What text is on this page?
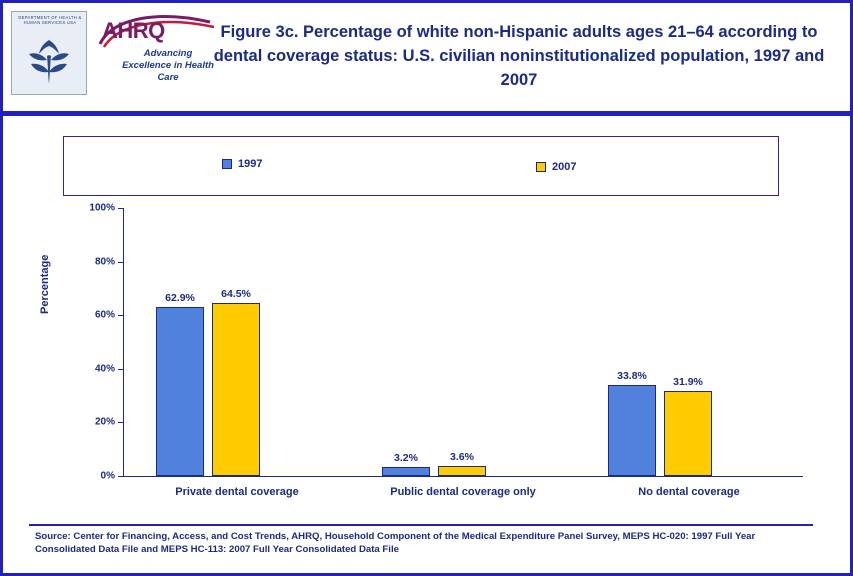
DEPARTMENT OF HEALTH & HUMAN SERVICES USA	AHRQ
Advancing Excellence in Health Care
Figure 3c. Percentage of white non-Hispanic adults ages 21–64 according to dental coverage status: U.S. civilian noninstitutionalized population, 1997 and 2007
1997	2007
Percentage
0%
20%
40%
60%
80%
100%
62.9% 64.5%
Private dental coverage
3.2%	3.6%
Public dental coverage only
33.8% 31.9%
No dental coverage
Source: Center for Financing, Access, and Cost Trends, AHRQ, Household Component of the Medical Expenditure Panel Survey, MEPS HC-020: 1997 Full Year Consolidated Data File and MEPS HC-113: 2007 Full Year Consolidated Data File
